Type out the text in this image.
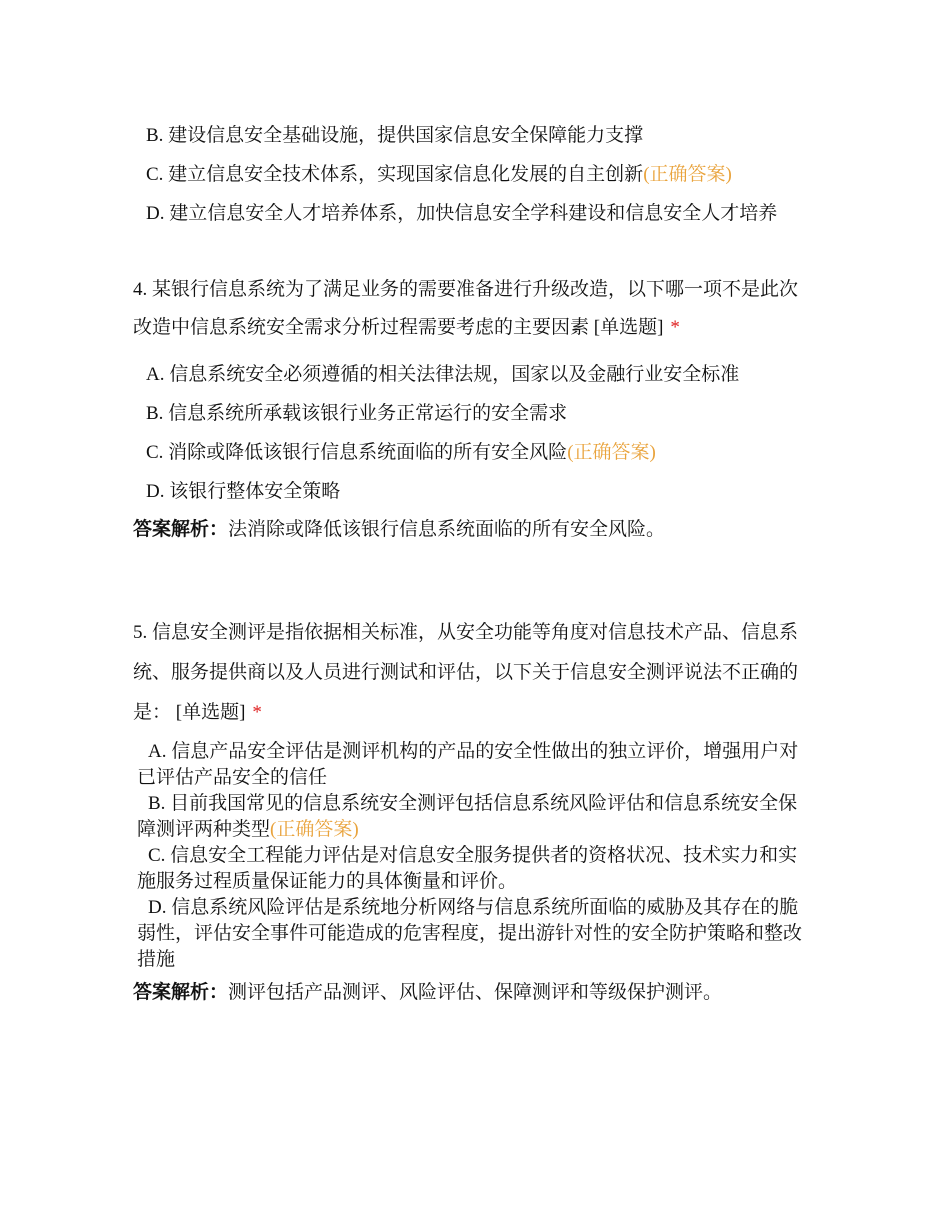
B. 建设信息安全基础设施，提供国家信息安全保障能力支撑

C. 建立信息安全技术体系，实现国家信息化发展的自主创新(正确答案)

D. 建立信息安全人才培养体系，加快信息安全学科建设和信息安全人才培养

4. 某银行信息系统为了满足业务的需要准备进行升级改造，以下哪一项不是此次改造中信息系统安全需求分析过程需要考虑的主要因素 [单选题] *

A. 信息系统安全必须遵循的相关法律法规，国家以及金融行业安全标准

B. 信息系统所承载该银行业务正常运行的安全需求

C. 消除或降低该银行信息系统面临的所有安全风险(正确答案)

D. 该银行整体安全策略

答案解析：法消除或降低该银行信息系统面临的所有安全风险。

5. 信息安全测评是指依据相关标准，从安全功能等角度对信息技术产品、信息系统、服务提供商以及人员进行测试和评估，以下关于信息安全测评说法不正确的是： [单选题] *

A. 信息产品安全评估是测评机构的产品的安全性做出的独立评价，增强用户对已评估产品安全的信任

B. 目前我国常见的信息系统安全测评包括信息系统风险评估和信息系统安全保障测评两种类型(正确答案)

C. 信息安全工程能力评估是对信息安全服务提供者的资格状况、技术实力和实施服务过程质量保证能力的具体衡量和评价。

D. 信息系统风险评估是系统地分析网络与信息系统所面临的威胁及其存在的脆弱性，评估安全事件可能造成的危害程度，提出游针对性的安全防护策略和整改措施

答案解析：测评包括产品测评、风险评估、保障测评和等级保护测评。
